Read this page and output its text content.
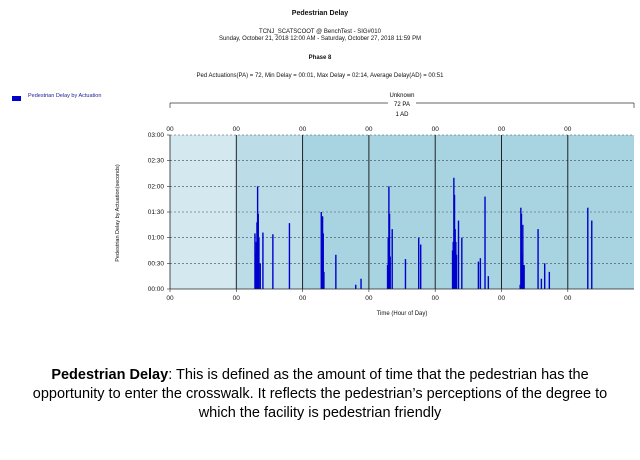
Pedestrian Delay
TCNJ_SCATSCOOT @ BenchTest - SIG#010
Sunday, October 21, 2018 12:00 AM - Saturday, October 27, 2018 11:59 PM
Phase 8
Ped Actuations(PA) = 72, Min Delay = 00:01, Max Delay = 02:14, Average Delay(AD) = 00:51
Pedestrian Delay by Actuation
Pedestrian Delay by Actuation(seconds)
Time (Hour of Day)
Unknown
72 PA
1 AD
00:00
00:30
01:00
01:30
02:00
02:30
03:00
00
00
00
00
00
00
00
00
00
00
00
00
00
00
Pedestrian Delay: This is defined as the amount of time that the pedestrian has the opportunity to enter the crosswalk. It reflects the pedestrian’s perceptions of the degree to which the facility is pedestrian friendly
